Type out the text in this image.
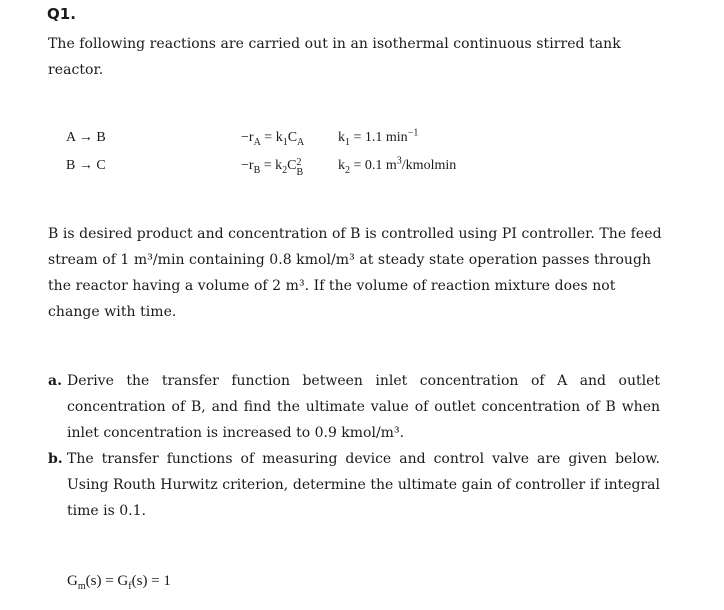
Q1.
The following reactions are carried out in an isothermal continuous stirred tank reactor.
A → B	$-r_A = k_1C_A$ $k_1 = 1.1$ $\min^{-1}$
B → C	$-r_B = k_2C$ 2
B $k_2 = 0.1$ $m^3$/kmolmin
B is desired product and concentration of B is controlled using PI controller. The feed stream of 1 m³/min containing 0.8 kmol/m³ at steady state operation passes through the reactor having a volume of 2 m³. If the volume of reaction mixture does not change with time.
a. Derive the transfer function between inlet concentration of A and outlet concentration of B, and find the ultimate value of outlet concentration of B when inlet concentration is increased to 0.9 kmol/m³.
b. The transfer functions of measuring device and control valve are given below. Using Routh Hurwitz criterion, determine the ultimate gain of controller if integral time is 0.1.
$G_m(s) = G_f(s) = 1$
